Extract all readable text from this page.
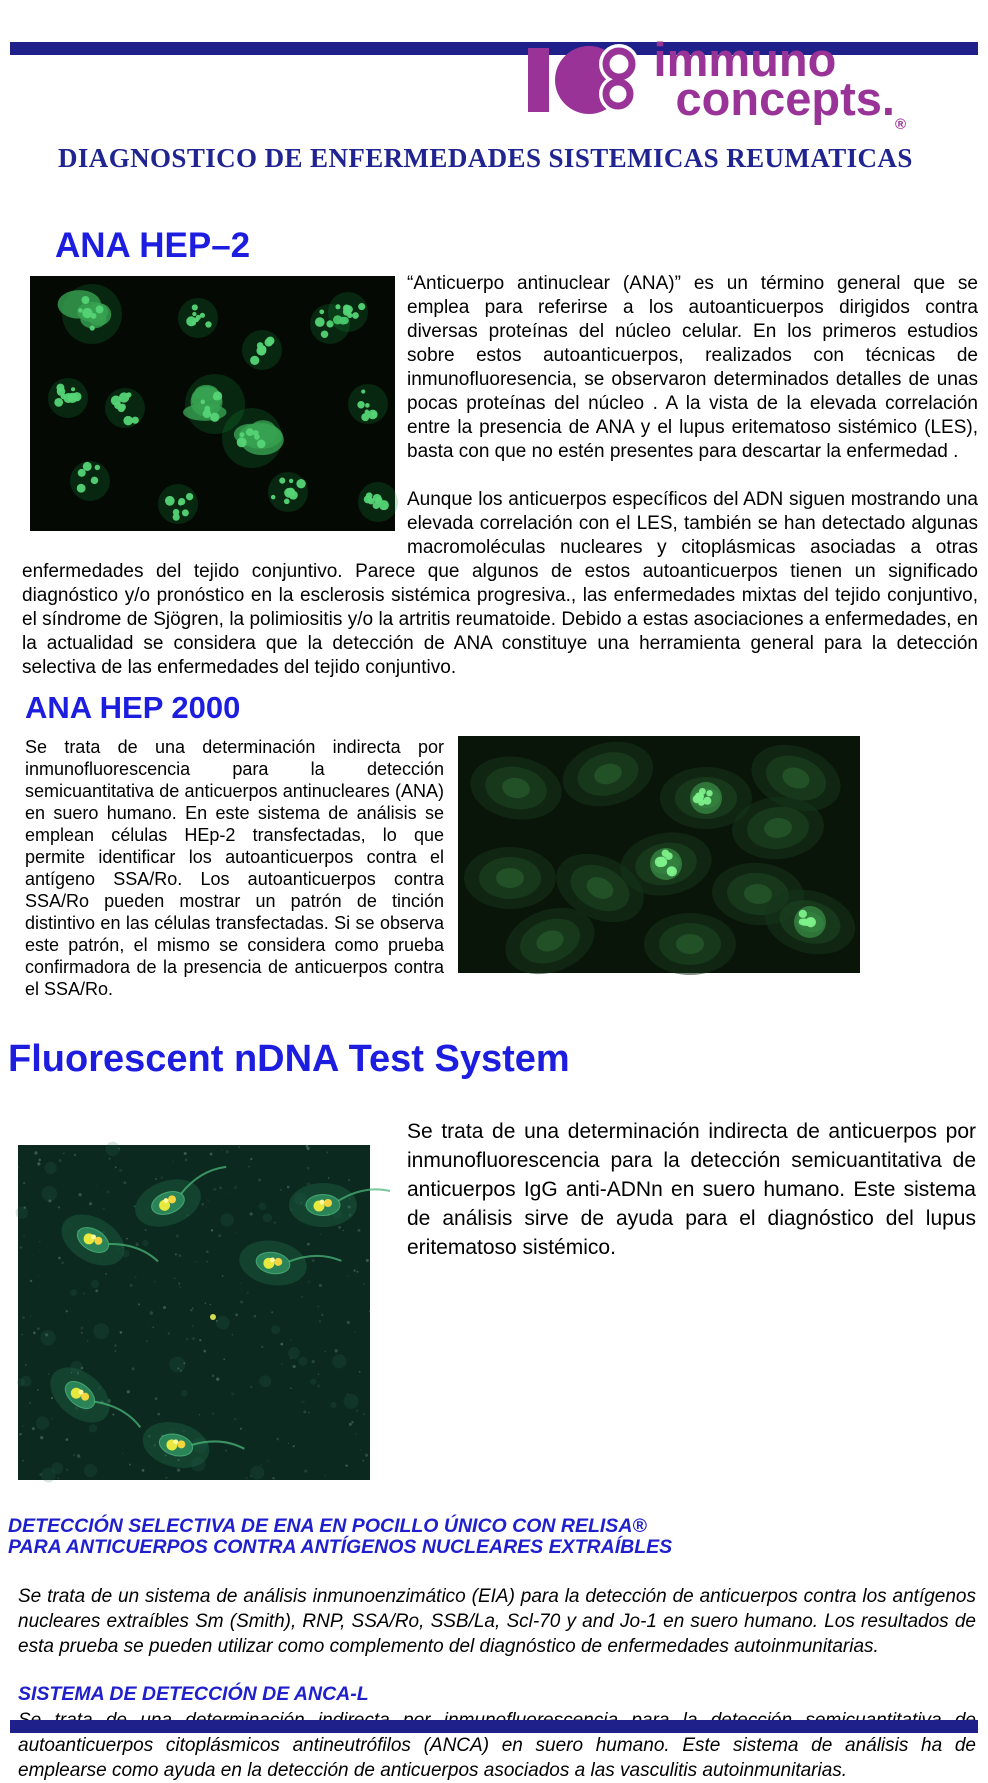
immuno
$concepts._®$
DIAGNOSTICO DE ENFERMEDADES SISTEMICAS REUMATICAS
ANA HEP–2

“Anticuerpo antinuclear (ANA)” es un término general que se emplea para referirse a los autoanticuerpos dirigidos contra diversas proteínas del núcleo celular. En los primeros estudios sobre estos autoanticuerpos, realizados con técnicas de inmunofluoresencia, se observaron determinados detalles de unas pocas proteínas del núcleo . A la vista de la elevada correlación entre la presencia de ANA y el lupus eritematoso sistémico (LES), basta con que no estén presentes para descartar la enfermedad .

Aunque los anticuerpos específicos del ADN siguen mostrando una elevada correlación con el LES, también se han detectado algunas macromoléculas nucleares y citoplásmicas asociadas a otras enfermedades del tejido conjuntivo. Parece que algunos de estos autoanticuerpos tienen un significado diagnóstico y/o pronóstico en la esclerosis sistémica progresiva., las enfermedades mixtas del tejido conjuntivo, el síndrome de Sjögren, la polimiositis y/o la artritis reumatoide. Debido a estas asociaciones a enfermedades, en la actualidad se considera que la detección de ANA constituye una herramienta general para la detección selectiva de las enfermedades del tejido conjuntivo.

ANA HEP 2000

Se trata de una determinación indirecta por inmunofluorescencia para la detección semicuantitativa de anticuerpos antinucleares (ANA) en suero humano. En este sistema de análisis se emplean células HEp-2 transfectadas, lo que permite identificar los autoanticuerpos contra el antígeno SSA/Ro. Los autoanticuerpos contra SSA/Ro pueden mostrar un patrón de tinción distintivo en las células transfectadas. Si se observa este patrón, el mismo se considera como prueba confirmadora de la presencia de anticuerpos contra el SSA/Ro.

Fluorescent nDNA Test System

Se trata de una determinación indirecta de anticuerpos por inmunofluorescencia para la detección semicuantitativa de anticuerpos IgG anti-ADNn en suero humano. Este sistema de análisis sirve de ayuda para el diagnóstico del lupus eritematoso sistémico.

DETECCIÓN SELECTIVA DE ENA EN POCILLO ÚNICO CON RELISA®
PARA ANTICUERPOS CONTRA ANTÍGENOS NUCLEARES EXTRAÍBLES

Se trata de un sistema de análisis inmunoenzimático (EIA) para la detección de anticuerpos contra los antígenos nucleares extraíbles Sm (Smith), RNP, SSA/Ro, SSB/La, Scl-70 y and Jo-1 en suero humano. Los resultados de esta prueba se pueden utilizar como complemento del diagnóstico de enfermedades autoinmunitarias.

SISTEMA DE DETECCIÓN DE ANCA-L

autoanticuerpos citoplásmicos antineutrófilos (ANCA) en suero humano. Este sistema de análisis ha de emplearse como ayuda en la detección de anticuerpos asociados a las vasculitis autoinmunitarias.
